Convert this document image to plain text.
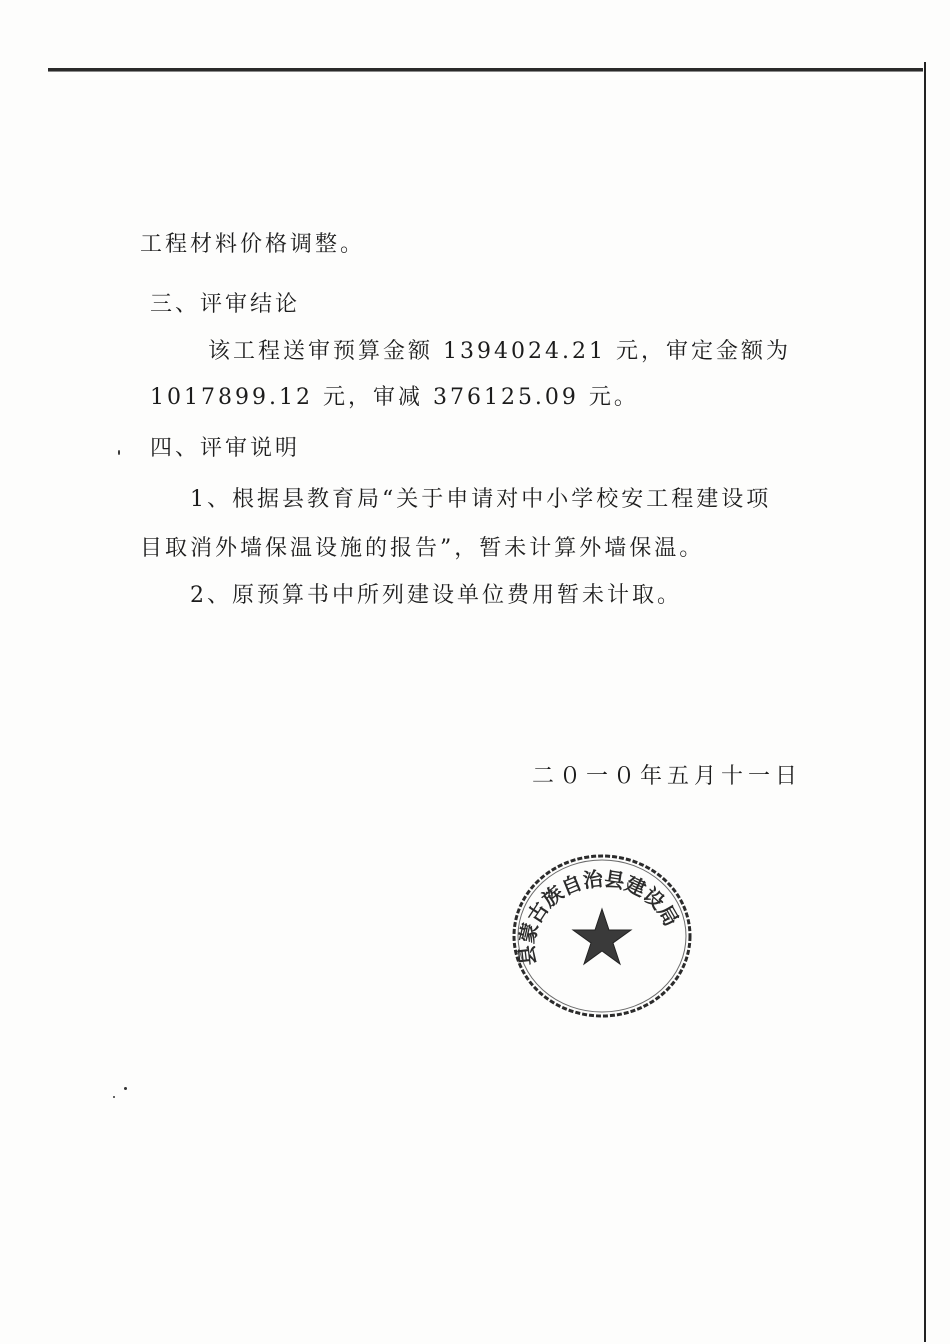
工程材料价格调整。
三、评审结论
该工程送审预算金额 1394024.21 元，审定金额为
1017899.12 元，审减 376125.09 元。
四、评审说明
1、根据县教育局“关于申请对中小学校安工程建设项
目取消外墙保温设施的报告”，暂未计算外墙保温。
2、原预算书中所列建设单位费用暂未计取。
二０一０年五月十一日
县蒙古族自治县建设局
